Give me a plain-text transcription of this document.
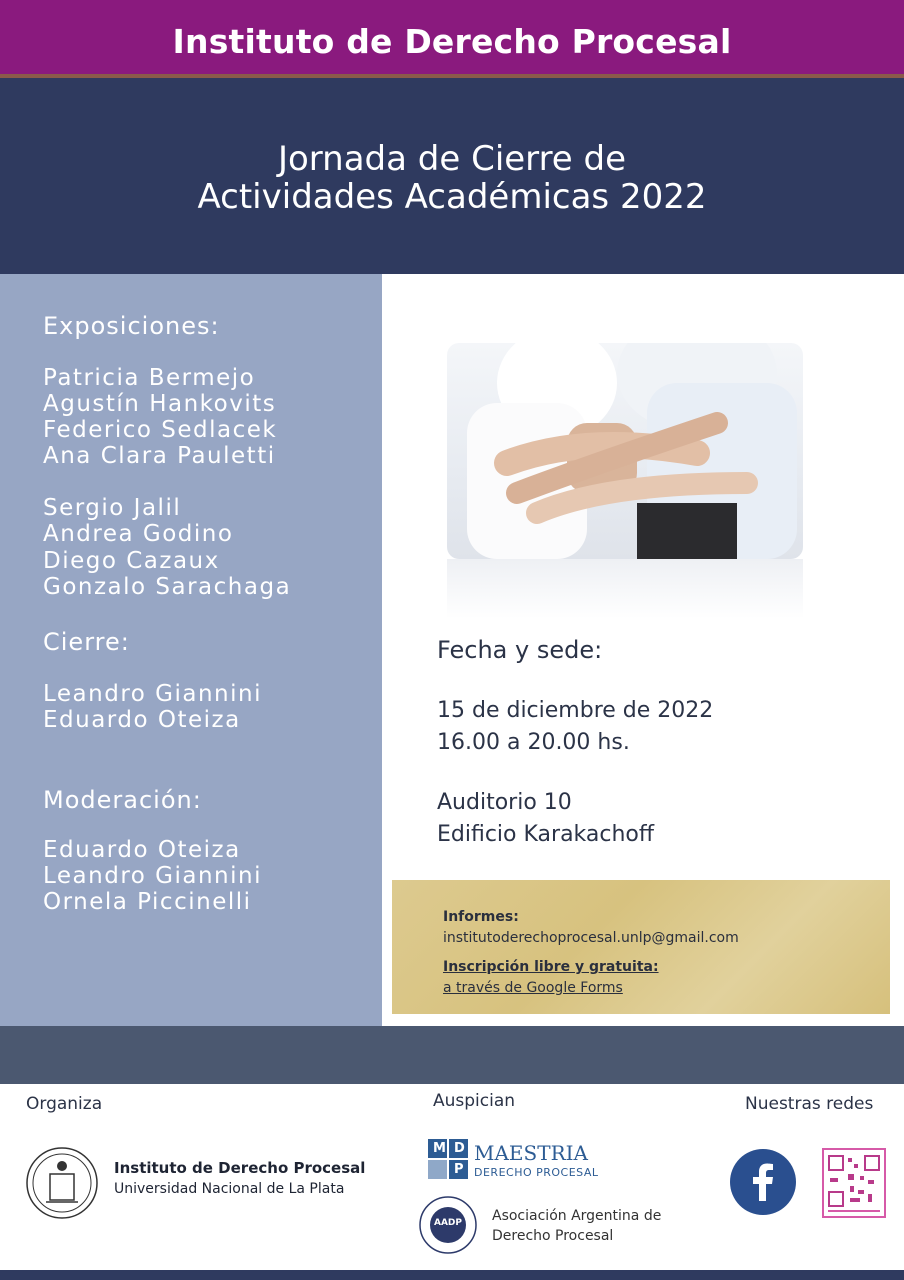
Instituto de Derecho Procesal
Jornada de Cierre de
Actividades Académicas 2022
Exposiciones:
Patricia Bermejo
Agustín Hankovits
Federico Sedlacek
Ana Clara Pauletti
Sergio Jalil
Andrea Godino
Diego Cazaux
Gonzalo Sarachaga
Cierre:
Leandro Giannini
Eduardo Oteiza
Moderación:
Eduardo Oteiza
Leandro Giannini
Ornela Piccinelli
Fecha y sede:
15 de diciembre de 2022
16.00 a 20.00 hs.
Auditorio 10
Edificio Karakachoff
Informes:
institutoderechoprocesal.unlp@gmail.com
Inscripción libre y gratuita:
a través de Google Forms
Organiza	Auspician	Nuestras redes
Instituto de Derecho Procesal
Universidad Nacional de La Plata
M D
P
MAESTRIA
DERECHO PROCESAL
AADP	Asociación Argentina de
Derecho Procesal
